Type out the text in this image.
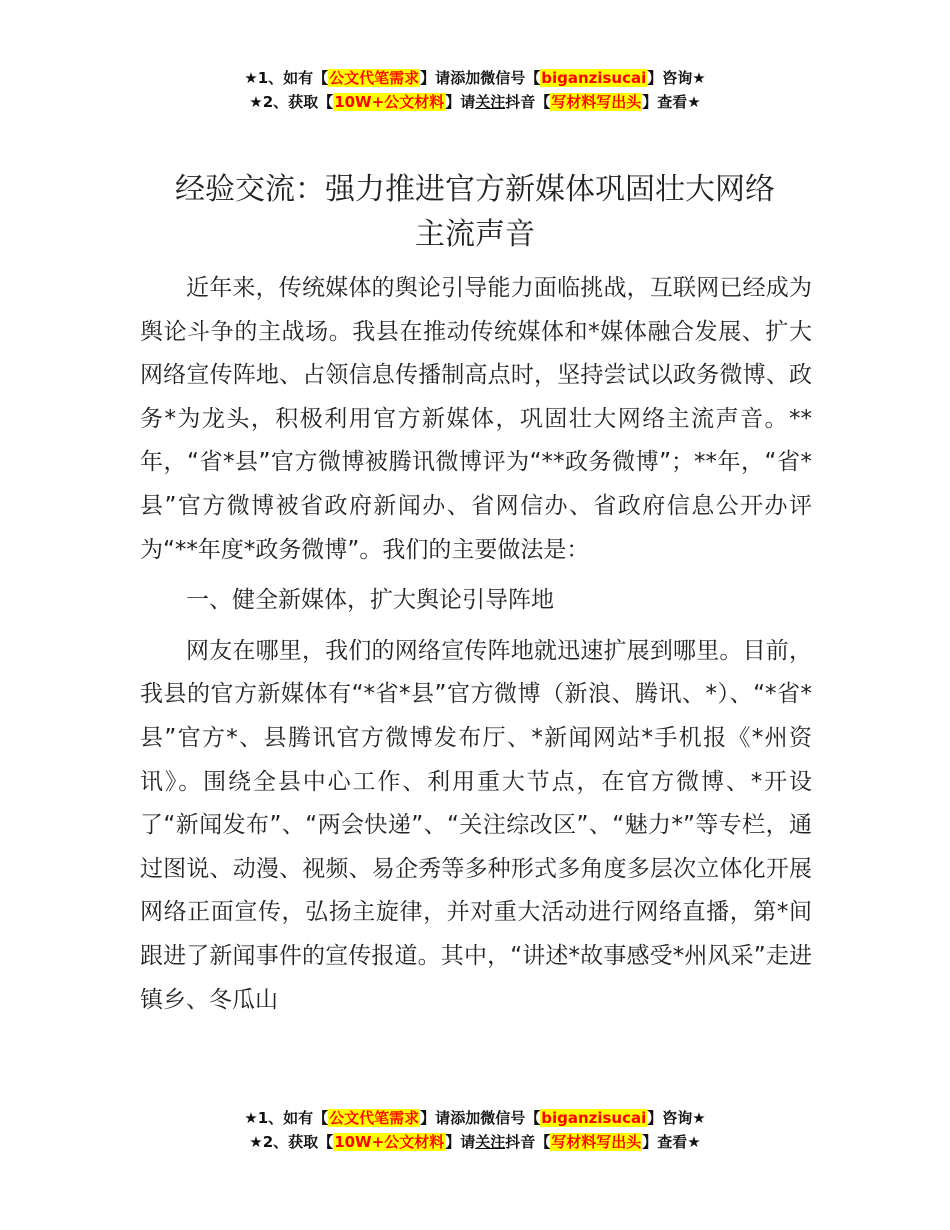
★1、如有【公文代笔需求】请添加微信号【biganzisucai】咨询★
★2、获取【10W+公文材料】请关注抖音【写材料写出头】查看★
经验交流：强力推进官方新媒体巩固壮大网络
主流声音

近年来，传统媒体的舆论引导能力面临挑战，互联网已经成为舆论斗争的主战场。我县在推动传统媒体和*媒体融合发展、扩大网络宣传阵地、占领信息传播制高点时，坚持尝试以政务微博、政务*为龙头，积极利用官方新媒体，巩固壮大网络主流声音。**年，“省*县”官方微博被腾讯微博评为“**政务微博”；**年，“省*县”官方微博被省政府新闻办、省网信办、省政府信息公开办评为“**年度*政务微博”。我们的主要做法是：

一、健全新媒体，扩大舆论引导阵地

网友在哪里，我们的网络宣传阵地就迅速扩展到哪里。目前，我县的官方新媒体有“*省*县”官方微博（新浪、腾讯、*）、“*省*县”官方*、县腾讯官方微博发布厅、*新闻网站*手机报《*州资讯》。围绕全县中心工作、利用重大节点，在官方微博、*开设了“新闻发布”、“两会快递”、“关注综改区”、“魅力*”等专栏，通过图说、动漫、视频、易企秀等多种形式多角度多层次立体化开展网络正面宣传，弘扬主旋律，并对重大活动进行网络直播，第*间跟进了新闻事件的宣传报道。其中，“讲述*故事感受*州风采”走进镇乡、冬瓜山

★1、如有【公文代笔需求】请添加微信号【biganzisucai】咨询★
★2、获取【10W+公文材料】请关注抖音【写材料写出头】查看★
